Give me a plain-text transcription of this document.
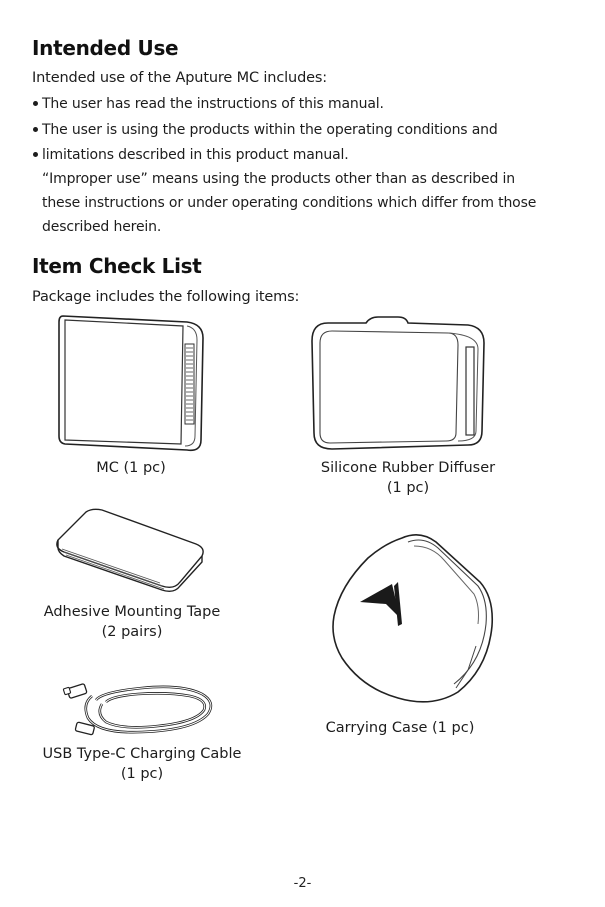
Intended Use

Intended use of the Aputure MC includes:

The user has read the instructions of this manual.

The user is using the products within the operating conditions and

limitations described in this product manual.

“Improper use” means using the products other than as described in

these instructions or under operating conditions which differ from those

described herein.

Item Check List

Package includes the following items:

MC (1 pc)	Silicone Rubber Diffuser
(1 pc)
Adhesive Mounting Tape
(2 pairs)
Carrying Case (1 pc)
USB Type-C Charging Cable
(1 pc)
-2-
